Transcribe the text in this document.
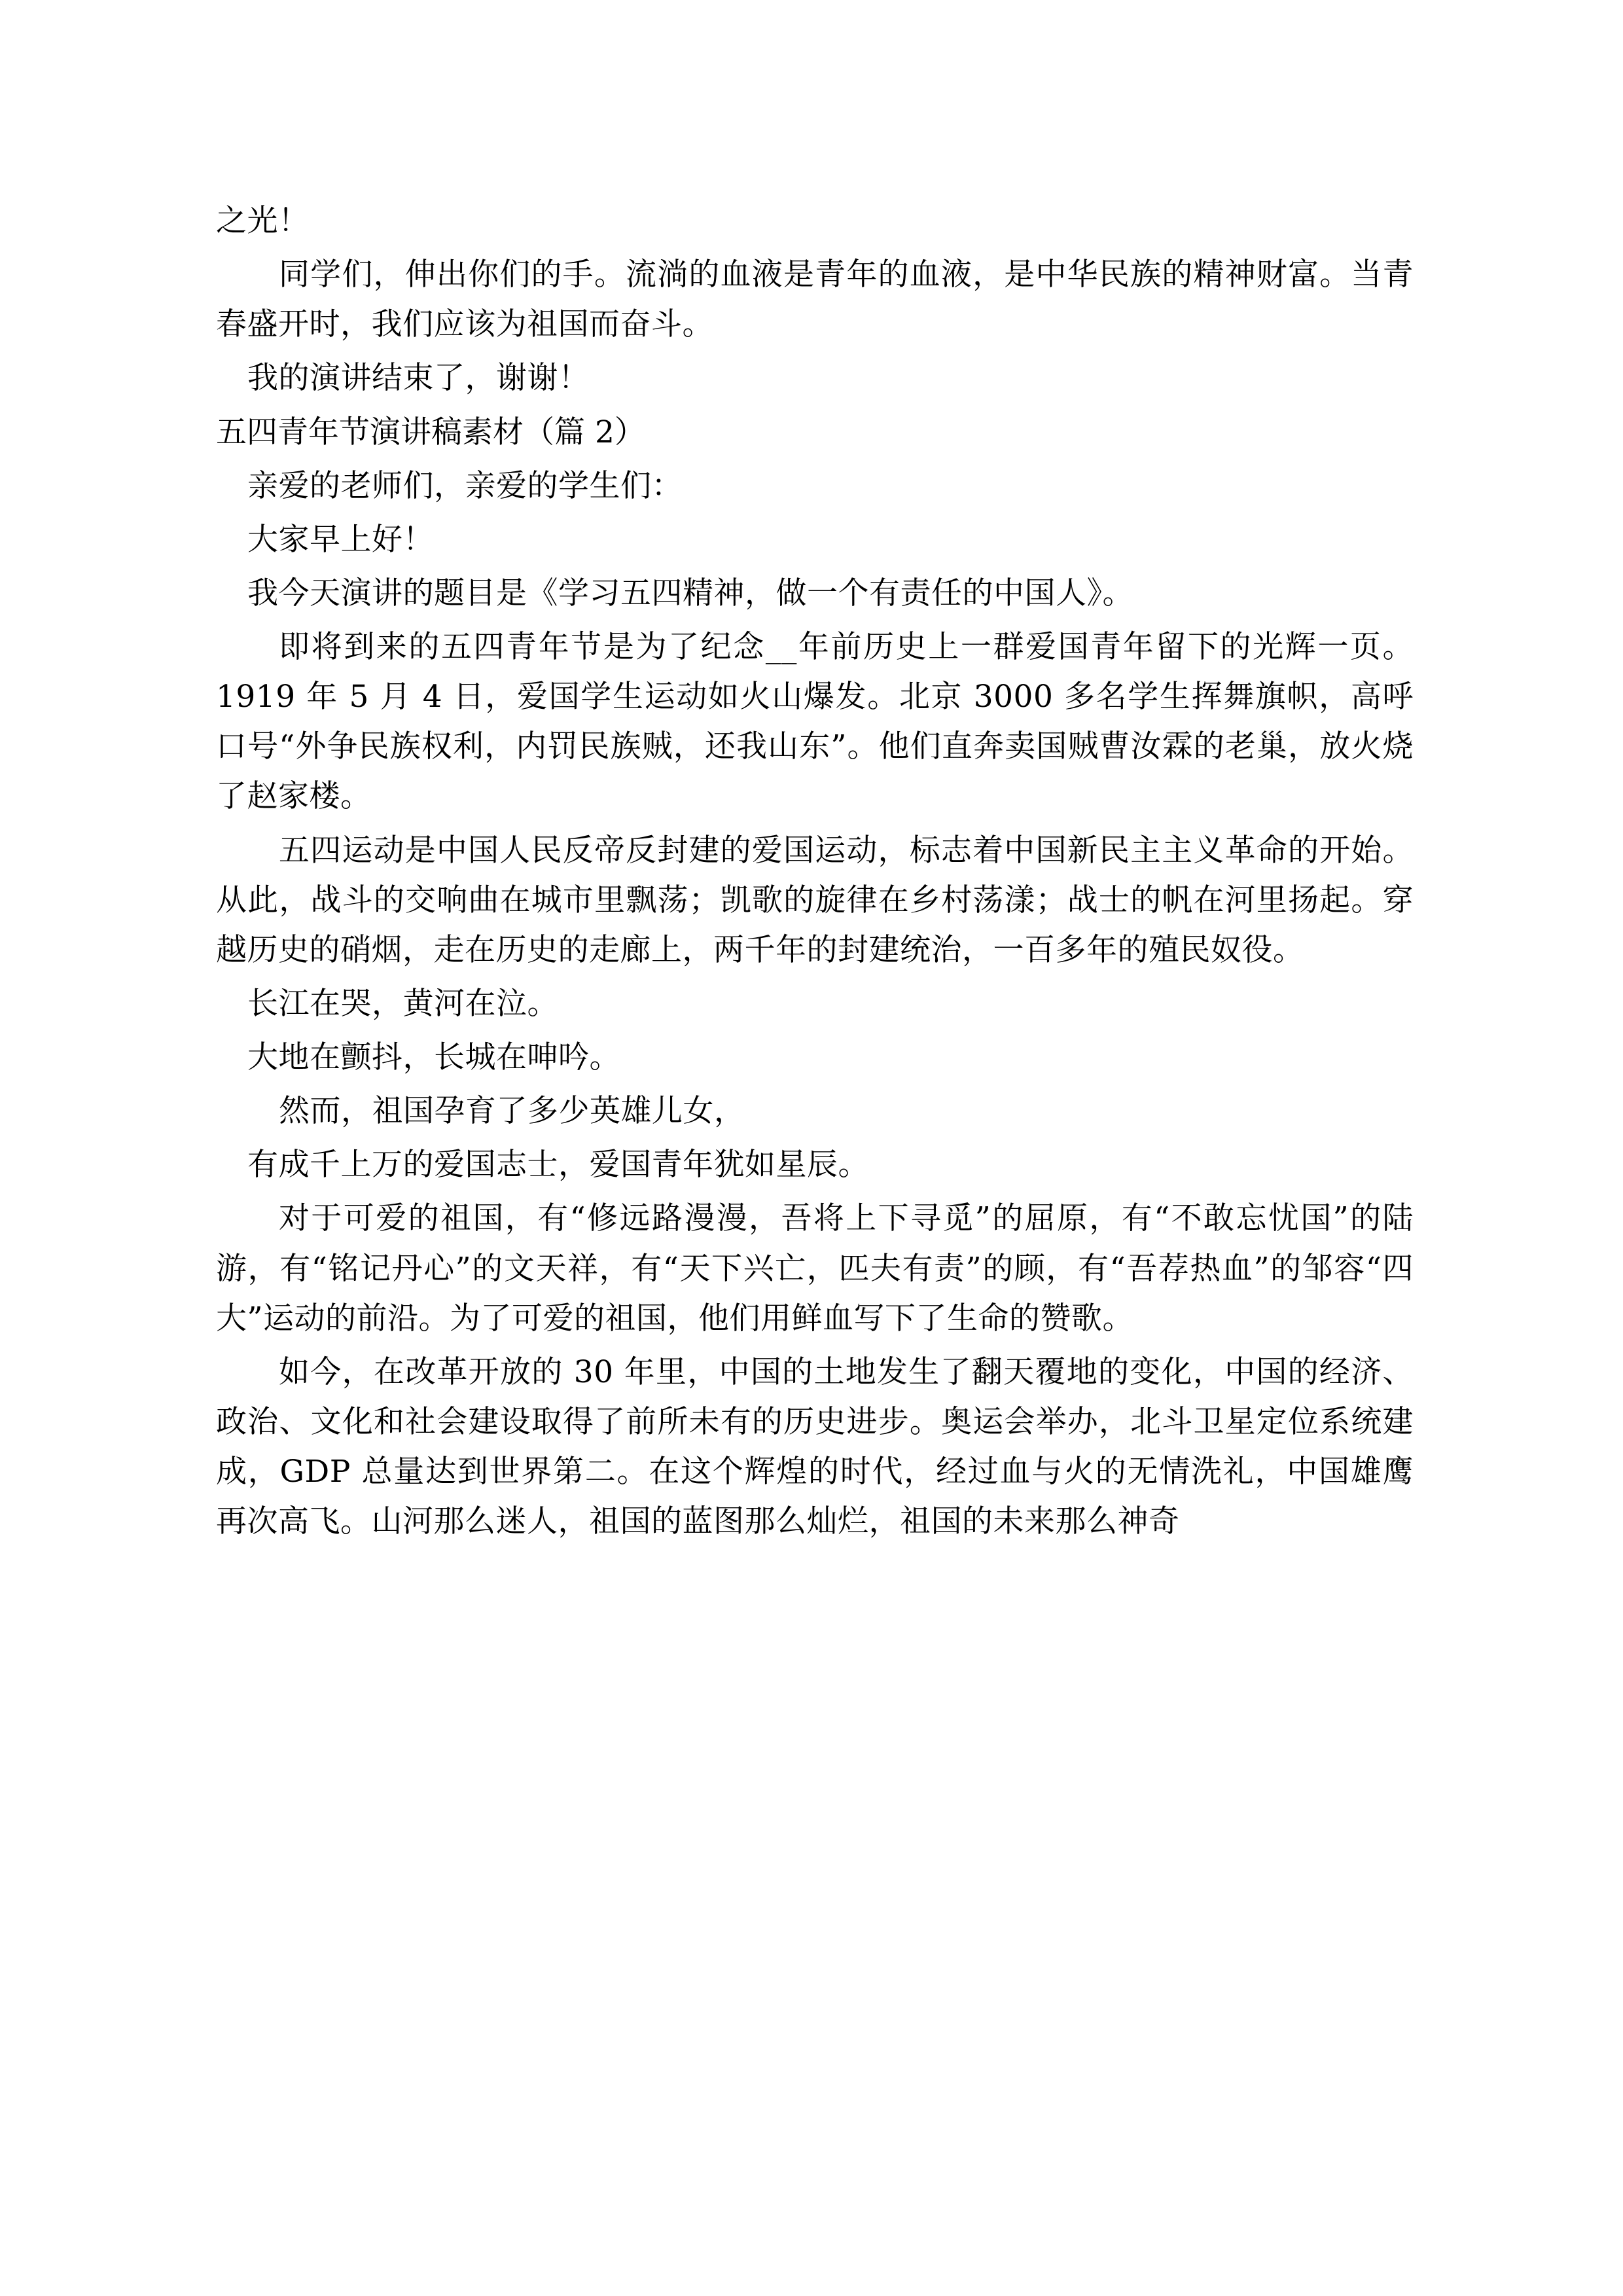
之光！

同学们，伸出你们的手。流淌的血液是青年的血液，是中华民族的精神财富。当青春盛开时，我们应该为祖国而奋斗。

我的演讲结束了，谢谢！

五四青年节演讲稿素材（篇 2）

亲爱的老师们，亲爱的学生们：

大家早上好！

我今天演讲的题目是《学习五四精神，做一个有责任的中国人》。

即将到来的五四青年节是为了纪念__年前历史上一群爱国青年留下的光辉一页。1919 年 5 月 4 日，爱国学生运动如火山爆发。北京 3000 多名学生挥舞旗帜，高呼口号“外争民族权利，内罚民族贼，还我山东”。他们直奔卖国贼曹汝霖的老巢，放火烧了赵家楼。

五四运动是中国人民反帝反封建的爱国运动，标志着中国新民主主义革命的开始。从此，战斗的交响曲在城市里飘荡；凯歌的旋律在乡村荡漾；战士的帆在河里扬起。穿越历史的硝烟，走在历史的走廊上，两千年的封建统治，一百多年的殖民奴役。

长江在哭，黄河在泣。

大地在颤抖，长城在呻吟。

然而，祖国孕育了多少英雄儿女，

有成千上万的爱国志士，爱国青年犹如星辰。

对于可爱的祖国，有“修远路漫漫，吾将上下寻觅”的屈原，有“不敢忘忧国”的陆游，有“铭记丹心”的文天祥，有“天下兴亡，匹夫有责”的顾，有“吾荐热血”的邹容“四大”运动的前沿。为了可爱的祖国，他们用鲜血写下了生命的赞歌。

如今，在改革开放的 30 年里，中国的土地发生了翻天覆地的变化，中国的经济、政治、文化和社会建设取得了前所未有的历史进步。奥运会举办，北斗卫星定位系统建成，GDP 总量达到世界第二。在这个辉煌的时代，经过血与火的无情洗礼，中国雄鹰再次高飞。山河那么迷人，祖国的蓝图那么灿烂，祖国的未来那么神奇
